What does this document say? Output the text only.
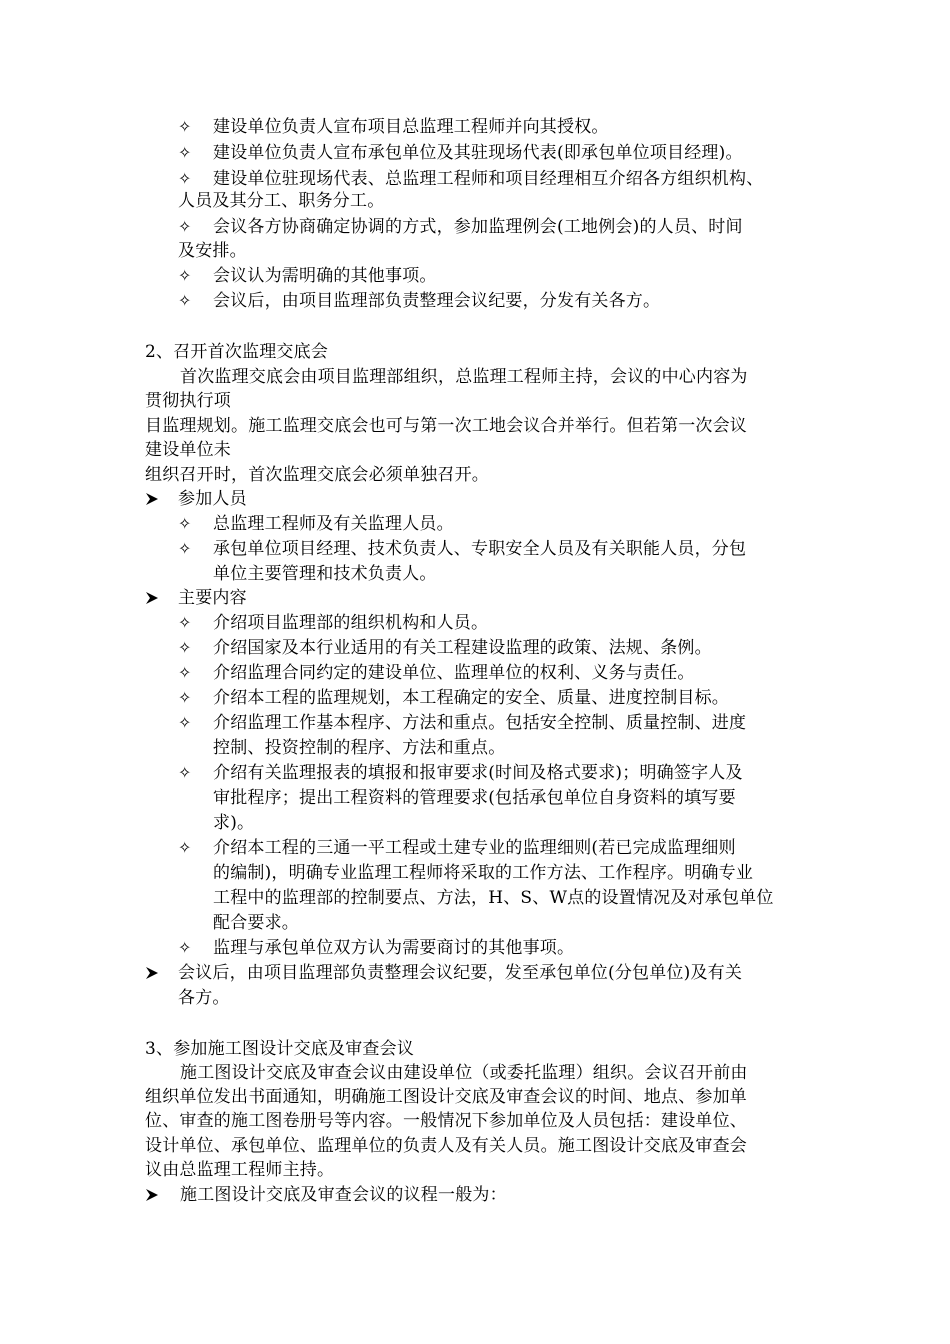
✧ 建设单位负责人宣布项目总监理工程师并向其授权。
✧ 建设单位负责人宣布承包单位及其驻现场代表(即承包单位项目经理)。
✧ 建设单位驻现场代表、总监理工程师和项目经理相互介绍各方组织机构、
人员及其分工、职务分工。
✧ 会议各方协商确定协调的方式，参加监理例会(工地例会)的人员、时间
及安排。
✧ 会议认为需明确的其他事项。
✧ 会议后，由项目监理部负责整理会议纪要，分发有关各方。
2、召开首次监理交底会
首次监理交底会由项目监理部组织，总监理工程师主持，会议的中心内容为
贯彻执行项
目监理规划。施工监理交底会也可与第一次工地会议合并举行。但若第一次会议
建设单位未
组织召开时，首次监理交底会必须单独召开。
参加人员
✧ 总监理工程师及有关监理人员。
✧ 承包单位项目经理、技术负责人、专职安全人员及有关职能人员，分包
单位主要管理和技术负责人。
主要内容
✧ 介绍项目监理部的组织机构和人员。
✧ 介绍国家及本行业适用的有关工程建设监理的政策、法规、条例。
✧ 介绍监理合同约定的建设单位、监理单位的权利、义务与责任。
✧ 介绍本工程的监理规划，本工程确定的安全、质量、进度控制目标。
✧ 介绍监理工作基本程序、方法和重点。包括安全控制、质量控制、进度
控制、投资控制的程序、方法和重点。
✧ 介绍有关监理报表的填报和报审要求(时间及格式要求)；明确签字人及
审批程序；提出工程资料的管理要求(包括承包单位自身资料的填写要
求)。
✧ 介绍本工程的三通一平工程或土建专业的监理细则(若已完成监理细则
的编制)，明确专业监理工程师将采取的工作方法、工作程序。明确专业
工程中的监理部的控制要点、方法，H、S、W点的设置情况及对承包单位
配合要求。
✧ 监理与承包单位双方认为需要商讨的其他事项。
会议后，由项目监理部负责整理会议纪要，发至承包单位(分包单位)及有关
各方。
3、参加施工图设计交底及审查会议
施工图设计交底及审查会议由建设单位（或委托监理）组织。会议召开前由
组织单位发出书面通知，明确施工图设计交底及审查会议的时间、地点、参加单
位、审查的施工图卷册号等内容。一般情况下参加单位及人员包括：建设单位、
设计单位、承包单位、监理单位的负责人及有关人员。施工图设计交底及审查会
议由总监理工程师主持。
施工图设计交底及审查会议的议程一般为：
